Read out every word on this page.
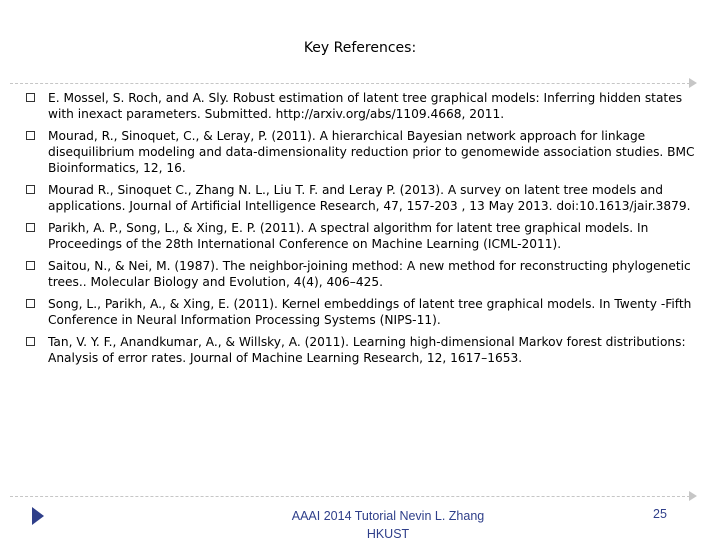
Key References:
E. Mossel, S. Roch, and A. Sly. Robust estimation of latent tree graphical models: Inferring hidden states with inexact parameters. Submitted. http://arxiv.org/abs/1109.4668, 2011.
Mourad, R., Sinoquet, C., & Leray, P. (2011). A hierarchical Bayesian network approach for linkage disequilibrium modeling and data-dimensionality reduction prior to genomewide association studies. BMC Bioinformatics, 12, 16.
Mourad R., Sinoquet C., Zhang N. L., Liu T. F. and Leray P. (2013). A survey on latent tree models and applications. Journal of Artificial Intelligence Research, 47, 157-203 , 13 May 2013. doi:10.1613/jair.3879.
Parikh, A. P., Song, L., & Xing, E. P. (2011). A spectral algorithm for latent tree graphical models. In Proceedings of the 28th International Conference on Machine Learning (ICML-2011).
Saitou, N., & Nei, M. (1987). The neighbor-joining method: A new method for reconstructing phylogenetic trees.. Molecular Biology and Evolution, 4(4), 406–425.
Song, L., Parikh, A., & Xing, E. (2011). Kernel embeddings of latent tree graphical models. In Twenty -Fifth Conference in Neural Information Processing Systems (NIPS-11).
Tan, V. Y. F., Anandkumar, A., & Willsky, A. (2011). Learning high-dimensional Markov forest distributions: Analysis of error rates. Journal of Machine Learning Research, 12, 1617–1653.
AAAI 2014 Tutorial Nevin L. Zhang
HKUST
25
